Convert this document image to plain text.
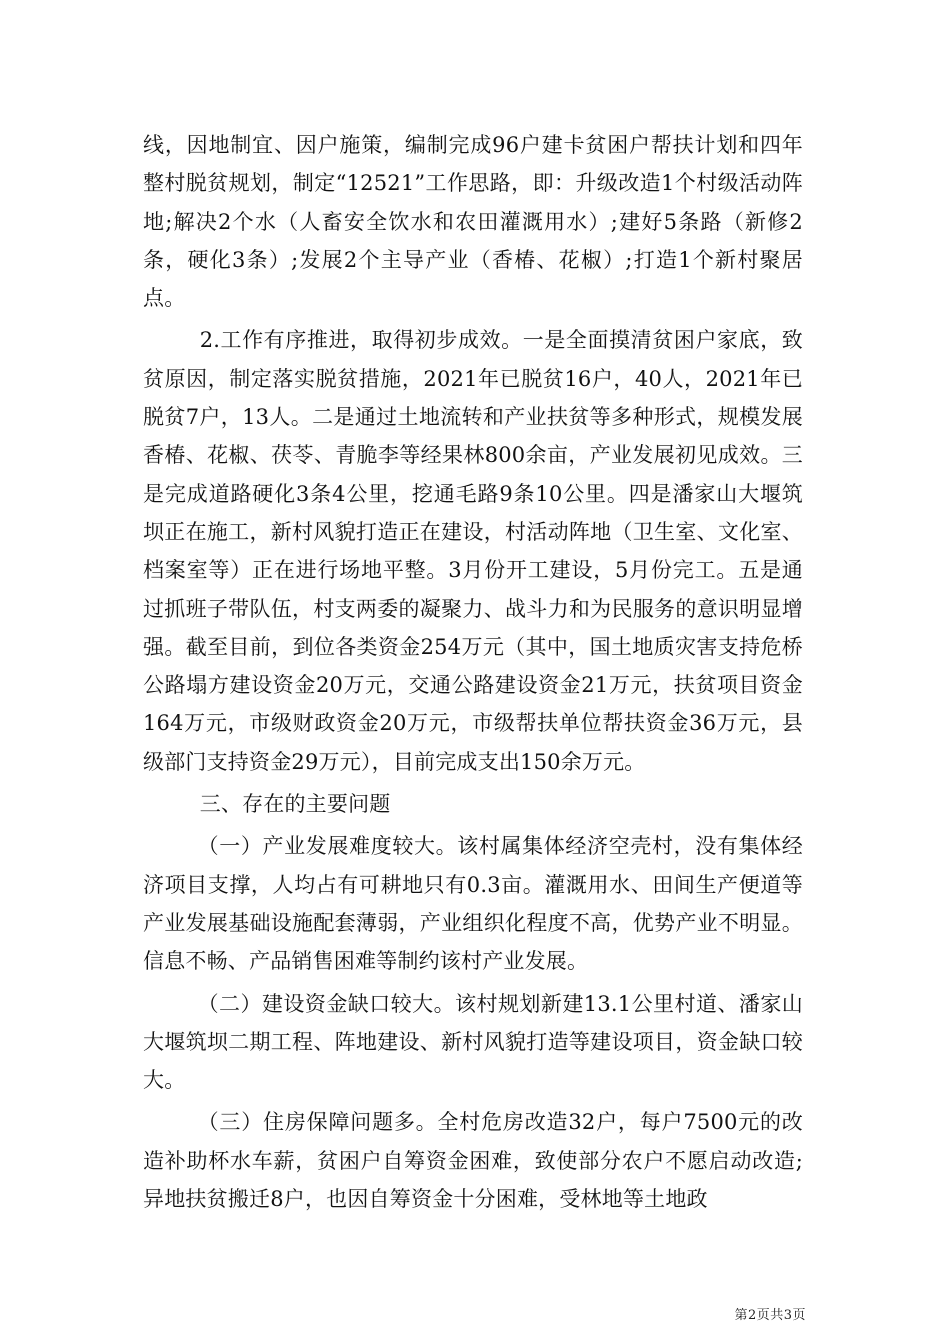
线，因地制宜、因户施策，编制完成96户建卡贫困户帮扶计划和四年整村脱贫规划，制定“12521”工作思路，即：升级改造1个村级活动阵地;解决2个水（人畜安全饮水和农田灌溉用水）;建好5条路（新修2条，硬化3条）;发展2个主导产业（香椿、花椒）;打造1个新村聚居点。

2.工作有序推进，取得初步成效。一是全面摸清贫困户家底，致贫原因，制定落实脱贫措施，2021年已脱贫16户，40人，2021年已脱贫7户，13人。二是通过土地流转和产业扶贫等多种形式，规模发展香椿、花椒、茯苓、青脆李等经果林800余亩，产业发展初见成效。三是完成道路硬化3条4公里，挖通毛路9条10公里。四是潘家山大堰筑坝正在施工，新村风貌打造正在建设，村活动阵地（卫生室、文化室、档案室等）正在进行场地平整。3月份开工建设，5月份完工。五是通过抓班子带队伍，村支两委的凝聚力、战斗力和为民服务的意识明显增强。截至目前，到位各类资金254万元（其中，国土地质灾害支持危桥公路塌方建设资金20万元，交通公路建设资金21万元，扶贫项目资金164万元，市级财政资金20万元，市级帮扶单位帮扶资金36万元，县级部门支持资金29万元），目前完成支出150余万元。

三、存在的主要问题

（一）产业发展难度较大。该村属集体经济空壳村，没有集体经济项目支撑，人均占有可耕地只有0.3亩。灌溉用水、田间生产便道等产业发展基础设施配套薄弱，产业组织化程度不高，优势产业不明显。信息不畅、产品销售困难等制约该村产业发展。

（二）建设资金缺口较大。该村规划新建13.1公里村道、潘家山大堰筑坝二期工程、阵地建设、新村风貌打造等建设项目，资金缺口较大。

（三）住房保障问题多。全村危房改造32户，每户7500元的改造补助杯水车薪，贫困户自筹资金困难，致使部分农户不愿启动改造;异地扶贫搬迁8户，也因自筹资金十分困难，受林地等土地政

第2页共3页
